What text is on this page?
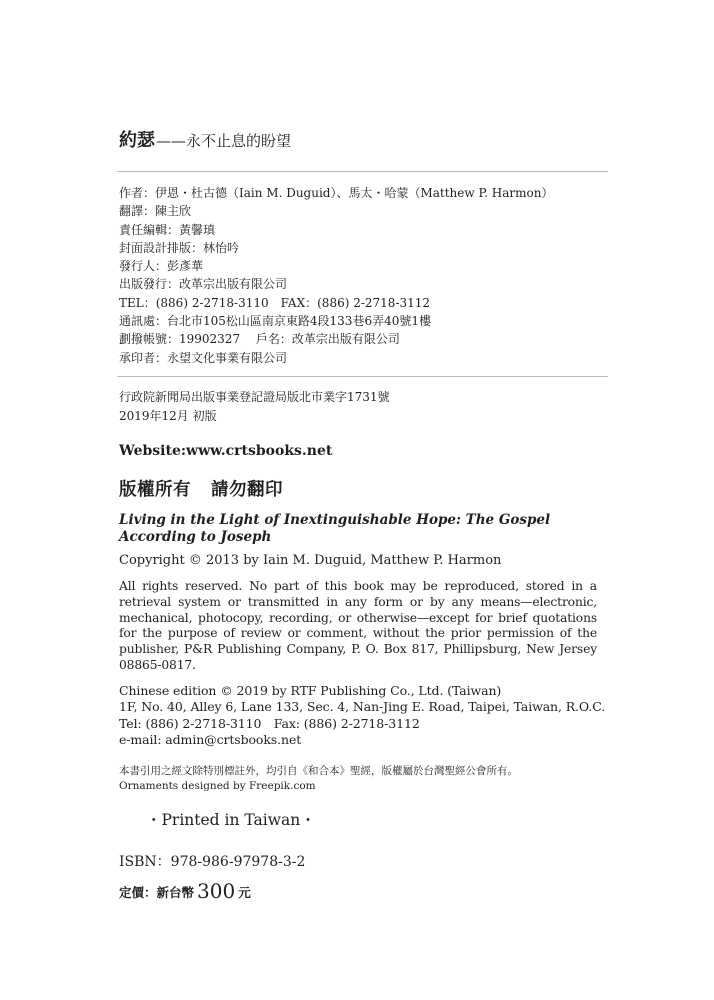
約瑟——永不止息的盼望
作者：伊恩・杜古德（Iain M. Duguid）、馬太・哈蒙（Matthew P. Harmon）
翻譯：陳主欣
責任編輯：黃馨瑱
封面設計排版：林怡吟
發行人：彭彥華
出版發行：改革宗出版有限公司
TEL：(886) 2-2718-3110　FAX：(886) 2-2718-3112
通訊處：台北市105松山區南京東路4段133巷6弄40號1樓
劃撥帳號：19902327　 戶名：改革宗出版有限公司
承印者：永望文化事業有限公司
行政院新聞局出版事業登記證局版北市業字1731號
2019年12月 初版
Website:www.crtsbooks.net
版權所有 請勿翻印
Living in the Light of Inextinguishable Hope: The Gospel According to Joseph
Copyright © 2013 by Iain M. Duguid, Matthew P. Harmon
All rights reserved. No part of this book may be reproduced, stored in a retrieval system or transmitted in any form or by any means—electronic, mechanical, photocopy, recording, or otherwise—except for brief quotations for the purpose of review or comment, without the prior permission of the publisher, P&R Publishing Company, P. O. Box 817, Phillipsburg, New Jersey 08865-0817.
Chinese edition © 2019 by RTF Publishing Co., Ltd. (Taiwan)
1F, No. 40, Alley 6, Lane 133, Sec. 4, Nan-Jing E. Road, Taipei, Taiwan, R.O.C.
Tel: (886) 2-2718-3110　Fax: (886) 2-2718-3112
e-mail: admin@crtsbooks.net
本書引用之經文除特別標註外，均引自《和合本》聖經，版權屬於台灣聖經公會所有。
Ornaments designed by Freepik.com
・Printed in Taiwan・
ISBN：978-986-97978-3-2
定價：新台幣 300 元
